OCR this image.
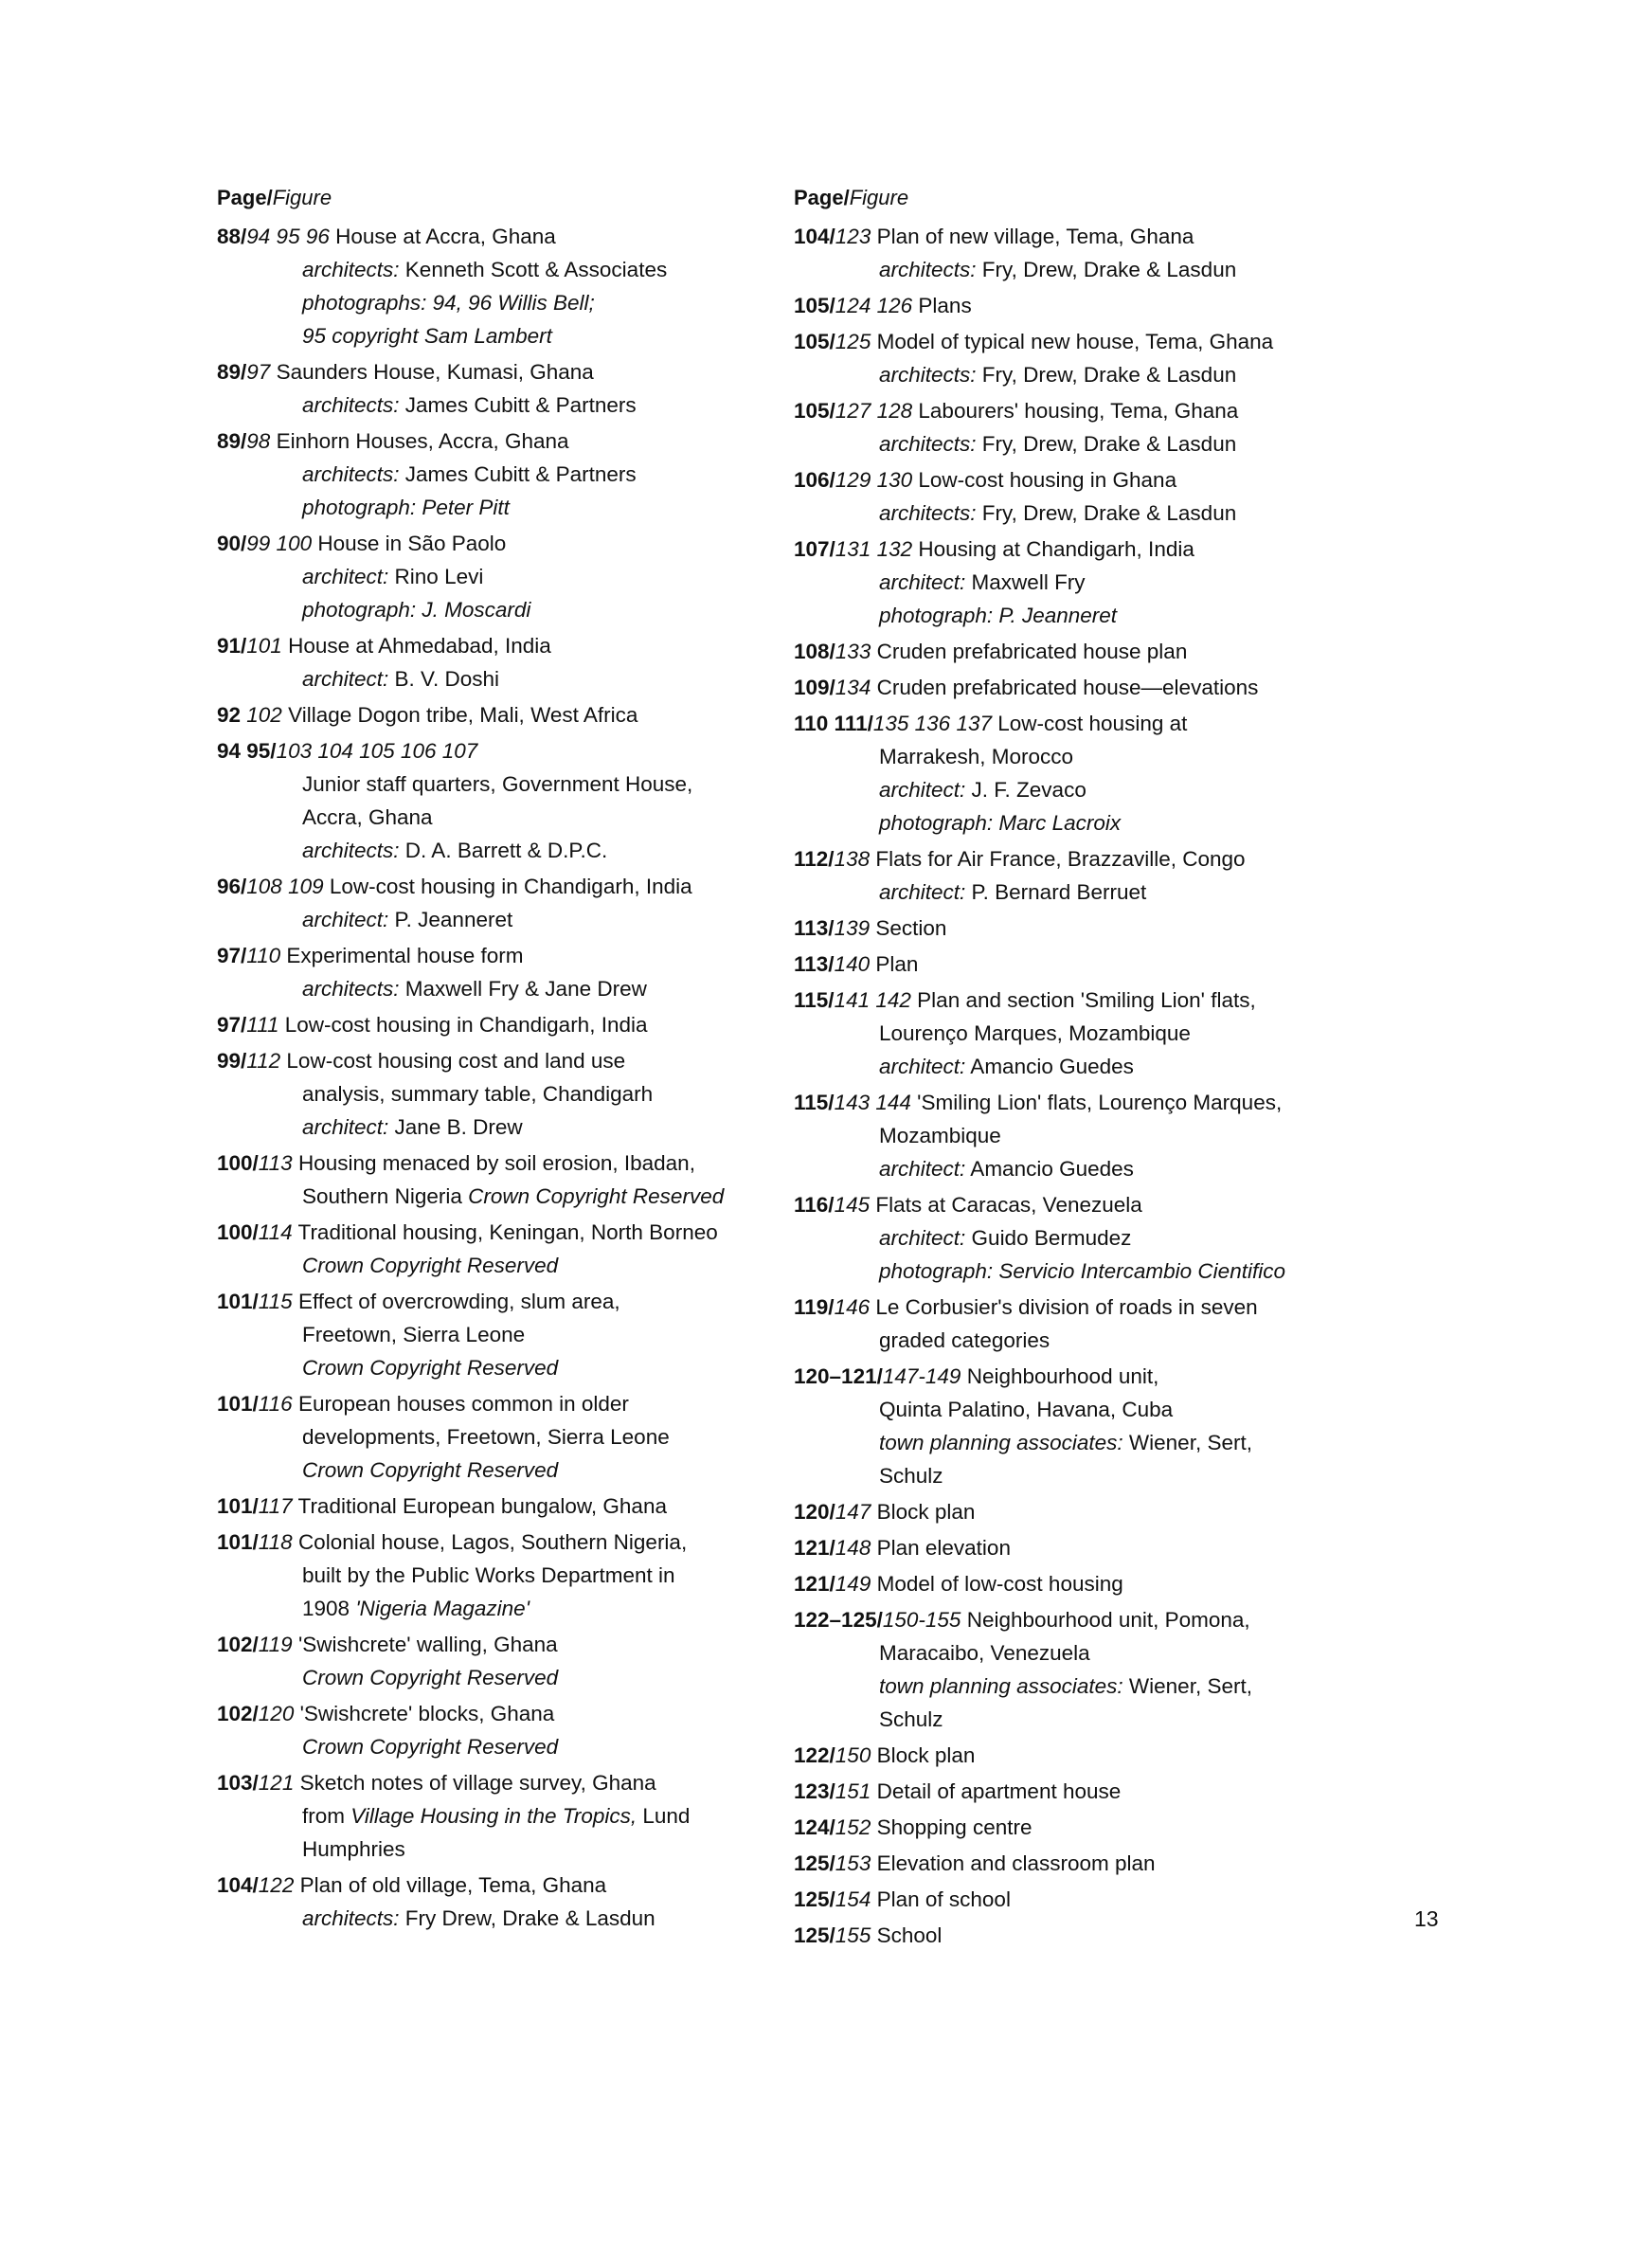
Page/Figure
88/94 95 96 House at Accra, Ghana
architects: Kenneth Scott & Associates
photographs: 94, 96 Willis Bell;
95 copyright Sam Lambert
89/97 Saunders House, Kumasi, Ghana
architects: James Cubitt & Partners
89/98 Einhorn Houses, Accra, Ghana
architects: James Cubitt & Partners
photograph: Peter Pitt
90/99 100 House in São Paolo
architect: Rino Levi
photograph: J. Moscardi
91/101 House at Ahmedabad, India
architect: B. V. Doshi
92 102 Village Dogon tribe, Mali, West Africa
94 95/103 104 105 106 107
Junior staff quarters, Government House,
Accra, Ghana
architects: D. A. Barrett & D.P.C.
96/108 109 Low-cost housing in Chandigarh, India
architect: P. Jeanneret
97/110 Experimental house form
architects: Maxwell Fry & Jane Drew
97/111 Low-cost housing in Chandigarh, India
99/112 Low-cost housing cost and land use
analysis, summary table, Chandigarh
architect: Jane B. Drew
100/113 Housing menaced by soil erosion, Ibadan,
Southern Nigeria Crown Copyright Reserved
100/114 Traditional housing, Keningan, North Borneo
Crown Copyright Reserved
101/115 Effect of overcrowding, slum area,
Freetown, Sierra Leone
Crown Copyright Reserved
101/116 European houses common in older
developments, Freetown, Sierra Leone
Crown Copyright Reserved
101/117 Traditional European bungalow, Ghana
101/118 Colonial house, Lagos, Southern Nigeria,
built by the Public Works Department in
1908 'Nigeria Magazine'
102/119 'Swishcrete' walling, Ghana
Crown Copyright Reserved
102/120 'Swishcrete' blocks, Ghana
Crown Copyright Reserved
103/121 Sketch notes of village survey, Ghana
from Village Housing in the Tropics, Lund
Humphries
104/122 Plan of old village, Tema, Ghana
architects: Fry Drew, Drake & Lasdun
Page/Figure
104/123 Plan of new village, Tema, Ghana
architects: Fry, Drew, Drake & Lasdun
105/124 126 Plans
105/125 Model of typical new house, Tema, Ghana
architects: Fry, Drew, Drake & Lasdun
105/127 128 Labourers' housing, Tema, Ghana
architects: Fry, Drew, Drake & Lasdun
106/129 130 Low-cost housing in Ghana
architects: Fry, Drew, Drake & Lasdun
107/131 132 Housing at Chandigarh, India
architect: Maxwell Fry
photograph: P. Jeanneret
108/133 Cruden prefabricated house plan
109/134 Cruden prefabricated house—elevations
110 111/135 136 137 Low-cost housing at
Marrakesh, Morocco
architect: J. F. Zevaco
photograph: Marc Lacroix
112/138 Flats for Air France, Brazzaville, Congo
architect: P. Bernard Berruet
113/139 Section
113/140 Plan
115/141 142 Plan and section 'Smiling Lion' flats,
Lourenço Marques, Mozambique
architect: Amancio Guedes
115/143 144 'Smiling Lion' flats, Lourenço Marques,
Mozambique
architect: Amancio Guedes
116/145 Flats at Caracas, Venezuela
architect: Guido Bermudez
photograph: Servicio Intercambio Cientifico
119/146 Le Corbusier's division of roads in seven
graded categories
120–121/147-149 Neighbourhood unit,
Quinta Palatino, Havana, Cuba
town planning associates: Wiener, Sert,
Schulz
120/147 Block plan
121/148 Plan elevation
121/149 Model of low-cost housing
122–125/150-155 Neighbourhood unit, Pomona,
Maracaibo, Venezuela
town planning associates: Wiener, Sert,
Schulz
122/150 Block plan
123/151 Detail of apartment house
124/152 Shopping centre
125/153 Elevation and classroom plan
125/154 Plan of school
125/155 School
13
